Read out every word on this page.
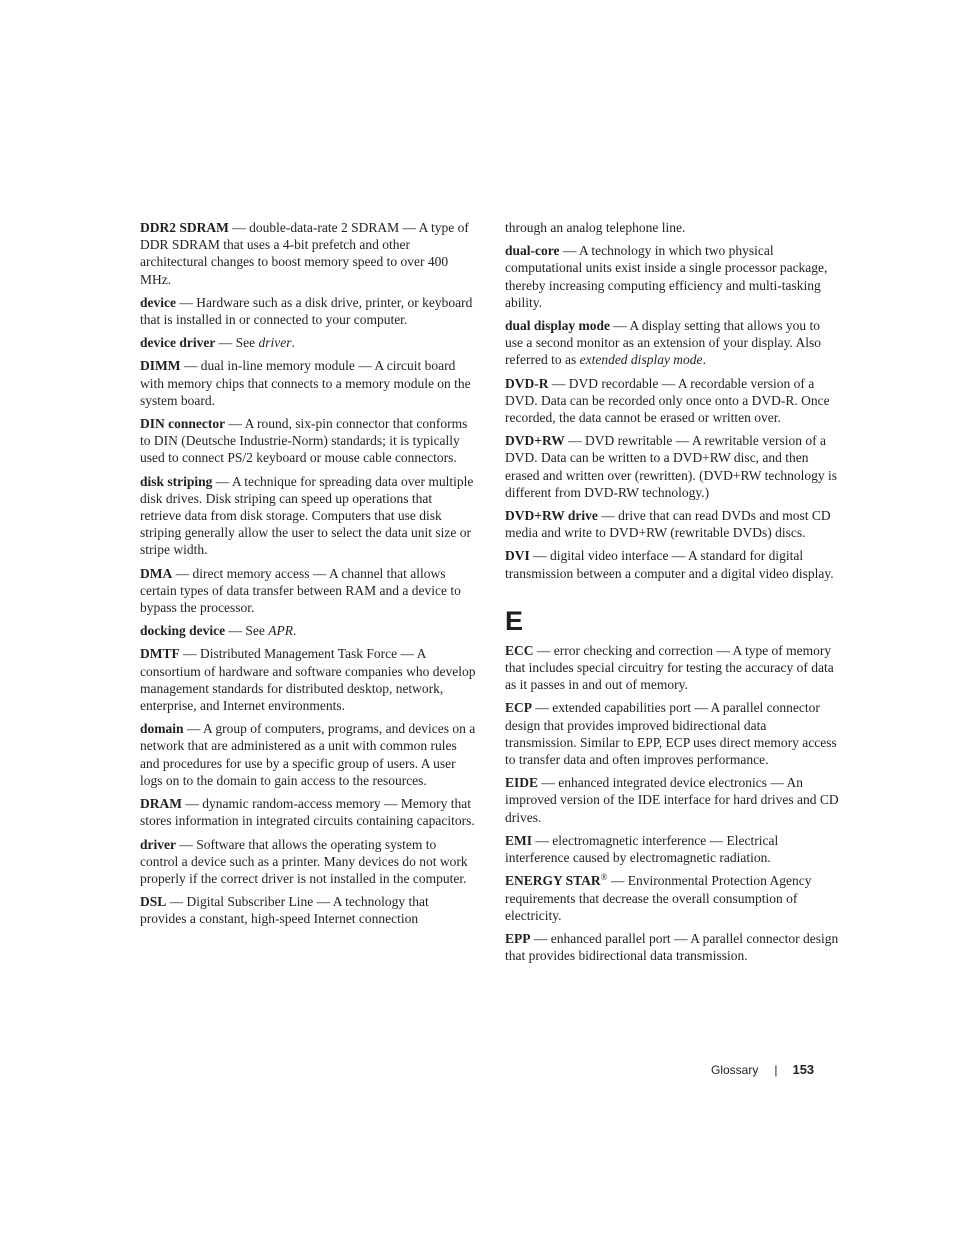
DDR2 SDRAM — double-data-rate 2 SDRAM — A type of DDR SDRAM that uses a 4-bit prefetch and other architectural changes to boost memory speed to over 400 MHz.

device — Hardware such as a disk drive, printer, or keyboard that is installed in or connected to your computer.

device driver — See driver.

DIMM — dual in-line memory module — A circuit board with memory chips that connects to a memory module on the system board.

DIN connector — A round, six-pin connector that conforms to DIN (Deutsche Industrie-Norm) standards; it is typically used to connect PS/2 keyboard or mouse cable connectors.

disk striping — A technique for spreading data over multiple disk drives. Disk striping can speed up operations that retrieve data from disk storage. Computers that use disk striping generally allow the user to select the data unit size or stripe width.

DMA — direct memory access — A channel that allows certain types of data transfer between RAM and a device to bypass the processor.

docking device — See APR.

DMTF — Distributed Management Task Force — A consortium of hardware and software companies who develop management standards for distributed desktop, network, enterprise, and Internet environments.

domain — A group of computers, programs, and devices on a network that are administered as a unit with common rules and procedures for use by a specific group of users. A user logs on to the domain to gain access to the resources.

DRAM — dynamic random-access memory — Memory that stores information in integrated circuits containing capacitors.

driver — Software that allows the operating system to control a device such as a printer. Many devices do not work properly if the correct driver is not installed in the computer.

DSL — Digital Subscriber Line — A technology that provides a constant, high-speed Internet connection

through an analog telephone line.

dual-core — A technology in which two physical computational units exist inside a single processor package, thereby increasing computing efficiency and multi-tasking ability.

dual display mode — A display setting that allows you to use a second monitor as an extension of your display. Also referred to as extended display mode.

DVD-R — DVD recordable — A recordable version of a DVD. Data can be recorded only once onto a DVD-R. Once recorded, the data cannot be erased or written over.

DVD+RW — DVD rewritable — A rewritable version of a DVD. Data can be written to a DVD+RW disc, and then erased and written over (rewritten). (DVD+RW technology is different from DVD-RW technology.)

DVD+RW drive — drive that can read DVDs and most CD media and write to DVD+RW (rewritable DVDs) discs.

DVI — digital video interface — A standard for digital transmission between a computer and a digital video display.

E

ECC — error checking and correction — A type of memory that includes special circuitry for testing the accuracy of data as it passes in and out of memory.

ECP — extended capabilities port — A parallel connector design that provides improved bidirectional data transmission. Similar to EPP, ECP uses direct memory access to transfer data and often improves performance.

EIDE — enhanced integrated device electronics — An improved version of the IDE interface for hard drives and CD drives.

EMI — electromagnetic interference — Electrical interference caused by electromagnetic radiation.

ENERGY STAR® — Environmental Protection Agency requirements that decrease the overall consumption of electricity.

EPP — enhanced parallel port — A parallel connector design that provides bidirectional data transmission.

Glossary | 153
